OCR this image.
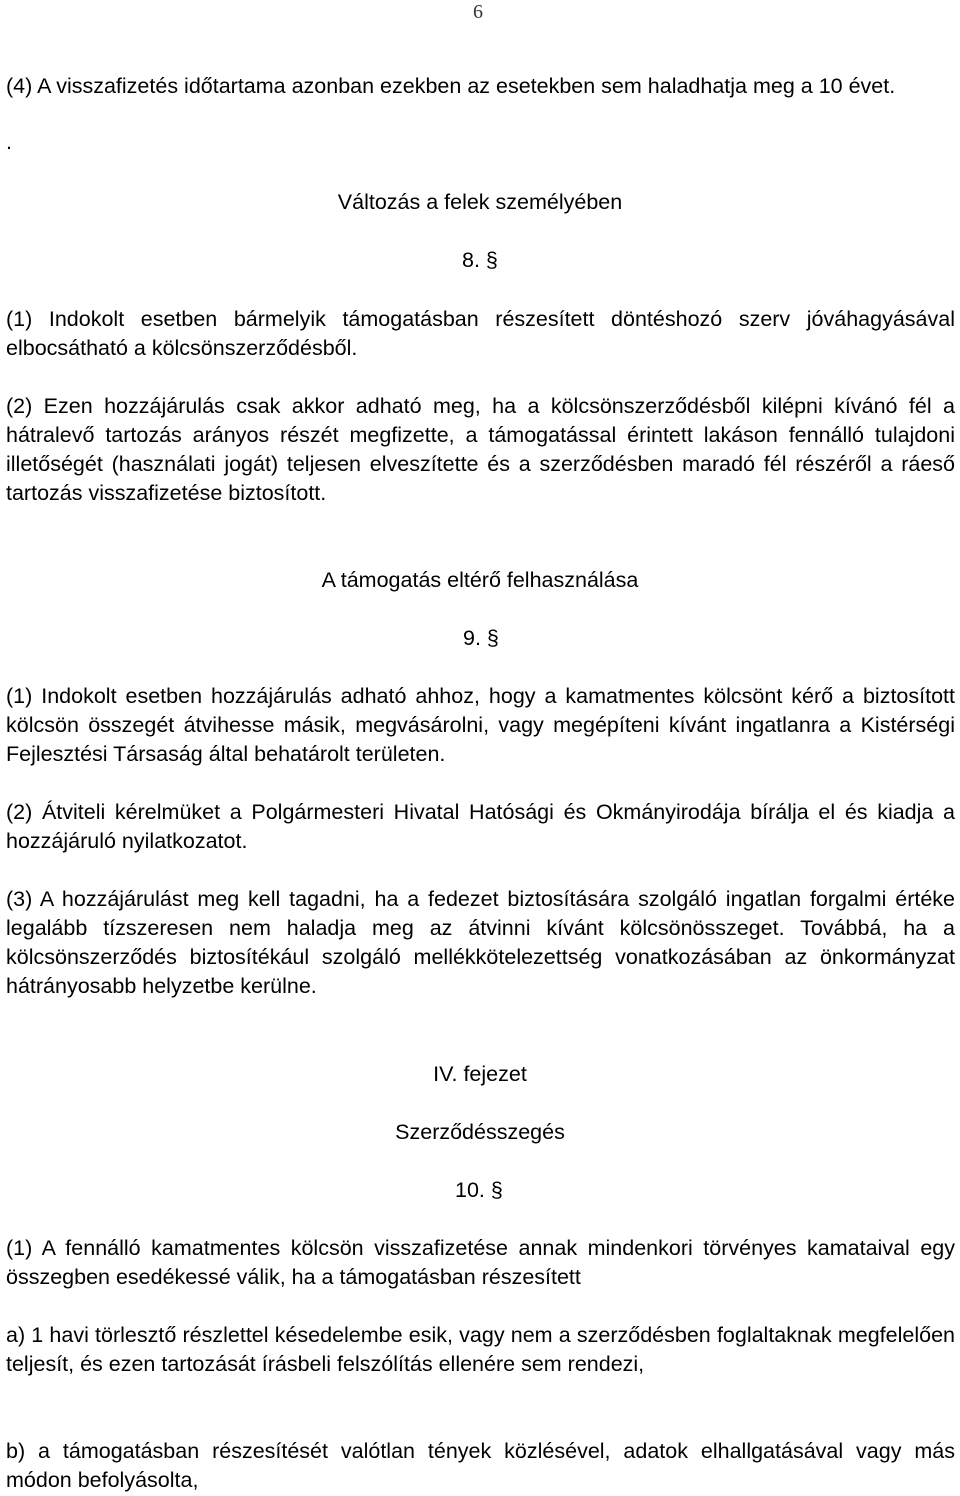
6

(4) A visszafizetés időtartama azonban ezekben az esetekben sem haladhatja meg a 10 évet.

.

Változás a felek személyében

8. §

(1) Indokolt esetben bármelyik támogatásban részesített döntéshozó szerv jóváhagyásával elbocsátható a kölcsönszerződésből.

(2) Ezen hozzájárulás csak akkor adható meg, ha a kölcsönszerződésből kilépni kívánó fél a hátralevő tartozás arányos részét megfizette, a támogatással érintett lakáson fennálló tulajdoni illetőségét (használati jogát) teljesen elveszítette és a szerződésben maradó fél részéről a ráeső tartozás visszafizetése biztosított.

A támogatás eltérő felhasználása

9. §

(1) Indokolt esetben hozzájárulás adható ahhoz, hogy a kamatmentes kölcsönt kérő a biztosított kölcsön összegét átvihesse másik, megvásárolni, vagy megépíteni kívánt ingatlanra a Kistérségi Fejlesztési Társaság által behatárolt területen.

(2) Átviteli kérelmüket a Polgármesteri Hivatal Hatósági és Okmányirodája bírálja el és kiadja a hozzájáruló nyilatkozatot.

(3) A hozzájárulást meg kell tagadni, ha a fedezet biztosítására szolgáló ingatlan forgalmi értéke legalább tízszeresen nem haladja meg az átvinni kívánt kölcsönösszeget. Továbbá, ha a kölcsönszerződés biztosítékául szolgáló mellékkötelezettség vonatkozásában az önkormányzat hátrányosabb helyzetbe kerülne.

IV. fejezet

Szerződésszegés

10. §

(1) A fennálló kamatmentes kölcsön visszafizetése annak mindenkori törvényes kamataival egy összegben esedékessé válik, ha a támogatásban részesített

a) 1 havi törlesztő részlettel késedelembe esik, vagy nem a szerződésben foglaltaknak megfelelően teljesít, és ezen tartozását írásbeli felszólítás ellenére sem rendezi,

b) a támogatásban részesítését valótlan tények közlésével, adatok elhallgatásával vagy más módon befolyásolta,
